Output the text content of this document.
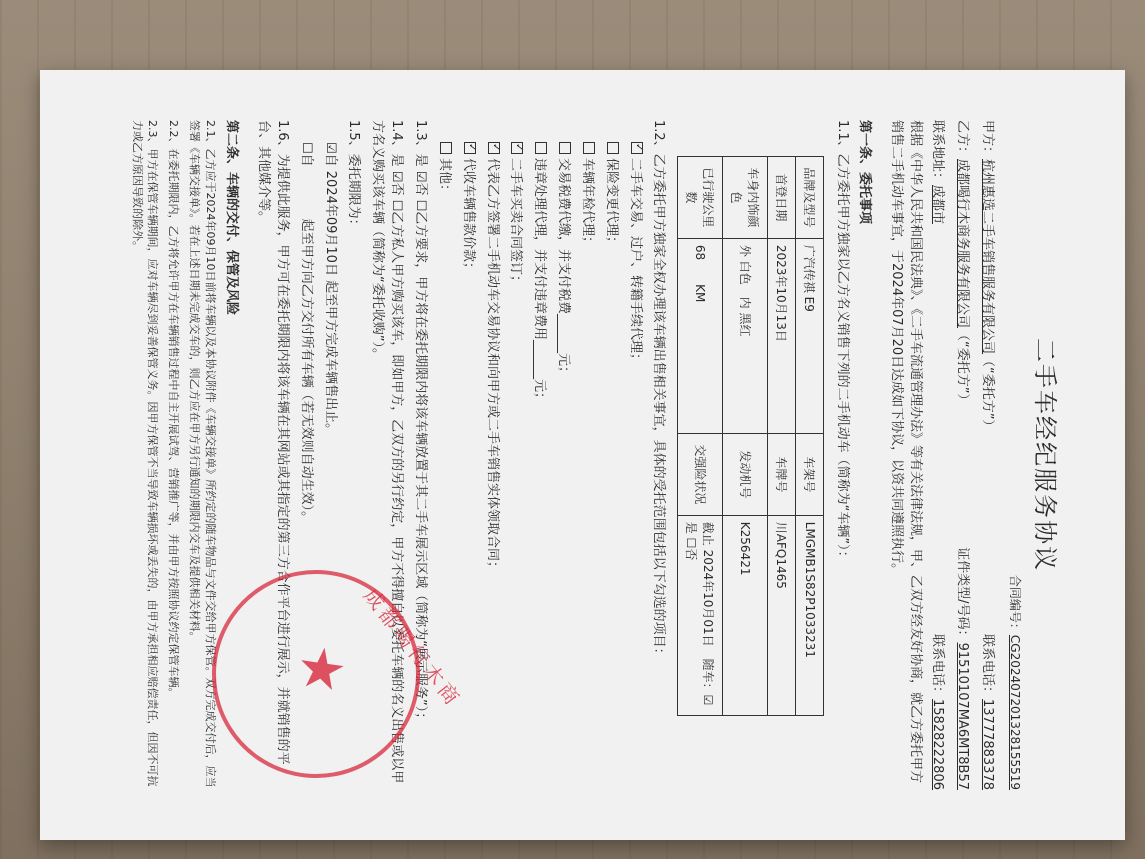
二手车经纪服务协议
合同编号：CG20240720132815551​9
甲方：杭州惠选二手车销售服务有限公司（“委托方”）
联系电话：13777883378
乙方：成都喝行木商务服务有限公司（“委托方”）
证件类型/号码：915101​07MA6MT8B57
联系地址：成都市
联系电话：15828222806
根据《中华人民共和国民法典》、《二手车流通管理办法》等有关法律法规，甲、乙双方经友好协商，就乙方委托甲方销售二手机动车事宜，于2024年07月20日达成如下协议，以资共同遵照执行。
第一条、委托事项
1.1、乙方委托甲方独家以乙方名义销售下列的二手机动车（简称为“车辆”）：
品牌及型号	广汽传祺 E9	车架号	LMGMB1S82P1033231
首登日期	2023年10月13日	车牌号	川AFQ1465
车身内饰颜色	外 白色　内 黑红	发动机号	K256421
已行驶公里数	68　　KM	交强险状况	截止 2024年10月01日　随车：☑是 ☐否
1.2、乙方委托甲方独家全权办理该车辆出售相关事宜，具体的受托范围包括以下勾选的项目：
✓二手车交易、过户、转籍手续代理；
保险变更代理；
车辆年检代理；
交易税费代缴，并支付税费______元；
违章处理代理，并支付违章费用______元；
✓二手车买卖合同签订；
✓代表乙方签署二手机动车交易协议和向甲方或二手车销售实体领取合同；
✓代收车辆售款价款；
其他：
1.3、是 ☑否 ☐乙方要求，甲方将在委托期限内将该车辆放置于其二手车展示区域（简称为“展示服务”）；
1.4、是 ☑否 ☐乙方私人甲方购买该车，即如甲方，乙双方的另行约定，甲方不得擅自以委托车辆的名义出售或以甲方名义购买该车辆（简称为“委托收购”）。
1.5、委托期限为：
☑自 2024年09月10日 起至甲方完成车辆售出止。
☐自　　　　起至甲方向乙方交付所有车辆（若无效则自动生效）。
1.6、为提供此服务，甲方可在委托期限内将该车辆在其网站或其指定的第三方合作平台进行展示，并就销售的平台、其他媒介等。
第二条、车辆的交付、保管及风险
2.1、乙方应于2024年09月10日前将车辆以及本协议附件《车辆交接单》所约定的随车物品与文件交给甲方保管。双方完成交付后，应当签署《车辆交接单》。若在上述日期未完成交车的，则乙方应在甲方另行通知的期限内交车及提供相关材料。
2.2、在委托期限内，乙方将允许甲方在车辆销售过程中自主开展试驾、营销推广等，并由甲方按照协议约定保管车辆。
2.3、甲方在保管车辆期间，应对车辆尽到妥善保管义务。因甲方保管不当导致车辆损坏或丢失的，由甲方承担相应赔偿责任，但因不可抗力或乙方原因导致的除外。
成都喝行木商
★
